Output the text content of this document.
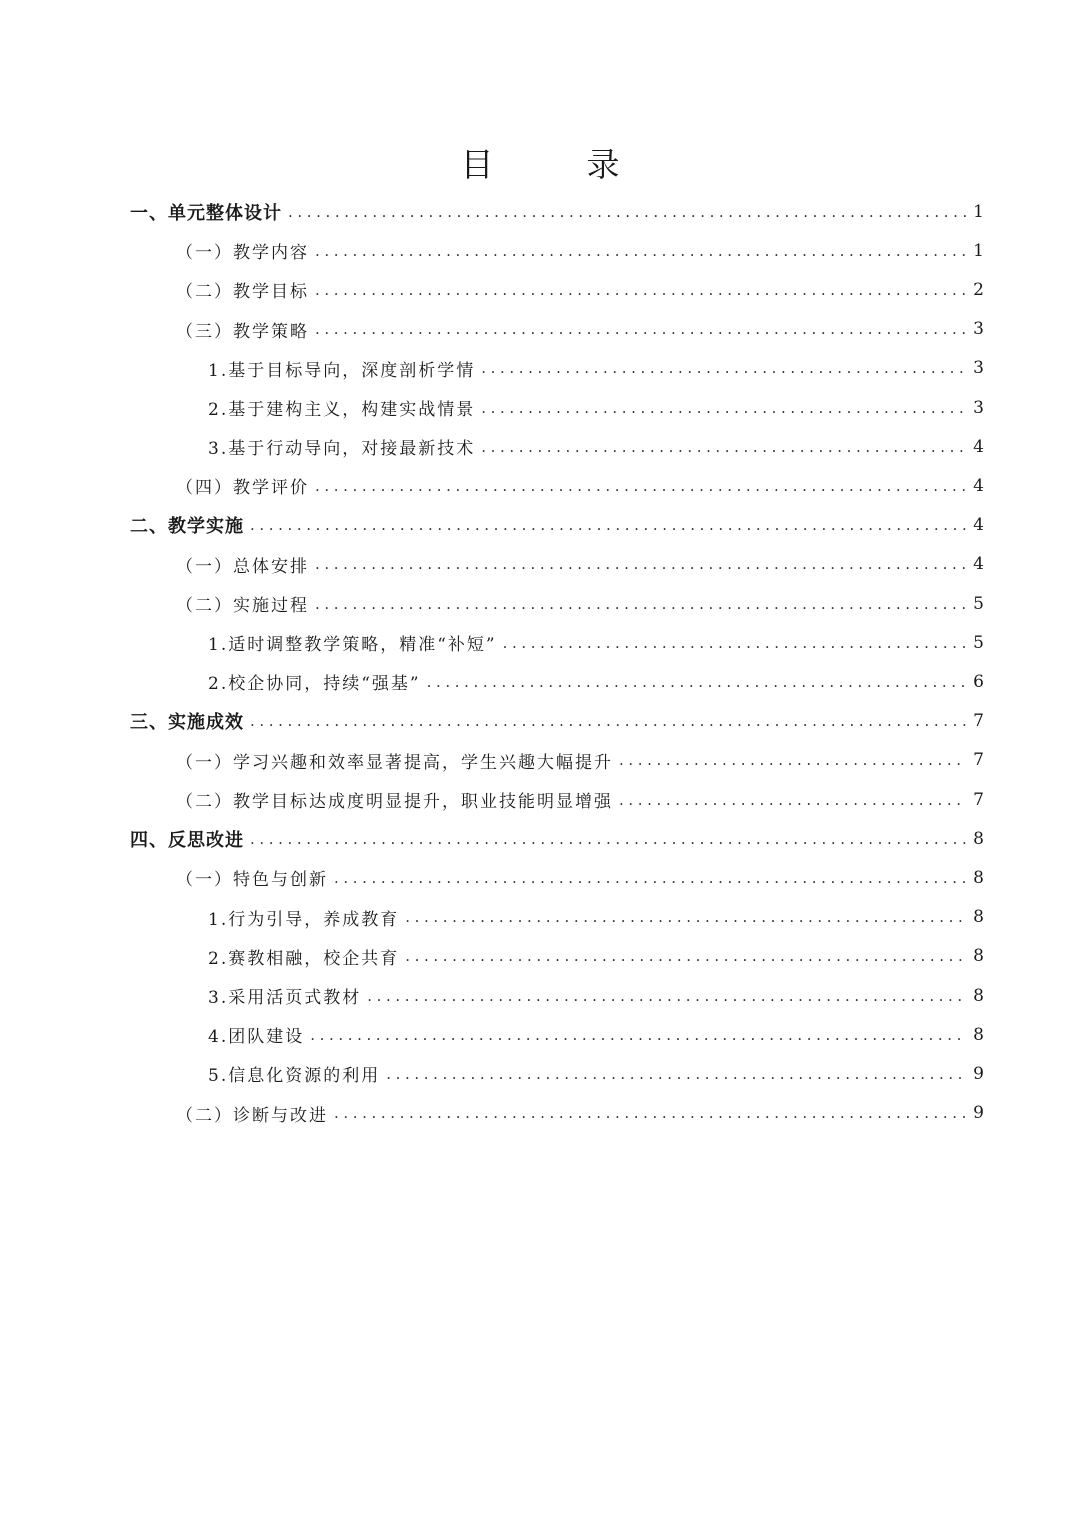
目　录
一、单元整体设计 .....	1
（一）教学内容 .....	1
（二）教学目标 .....	2
（三）教学策略 .....	3
1.基于目标导向，深度剖析学情 .....	3
2.基于建构主义，构建实战情景 .....	3
3.基于行动导向，对接最新技术 .....	4
（四）教学评价 .....	4
二、教学实施 .....	4
（一）总体安排 .....	4
（二）实施过程 .....	5
1.适时调整教学策略，精准“补短” .....	5
2.校企协同，持续“强基” .....	6
三、实施成效 .....	7
（一）学习兴趣和效率显著提高，学生兴趣大幅提升 .....	7
（二）教学目标达成度明显提升，职业技能明显增强 .....	7
四、反思改进 .....	8
（一）特色与创新 .....	8
1.行为引导，养成教育 .....	8
2.赛教相融，校企共育 .....	8
3.采用活页式教材 .....	8
4.团队建设 .....	8
5.信息化资源的利用 .....	9
（二）诊断与改进 .....	9
